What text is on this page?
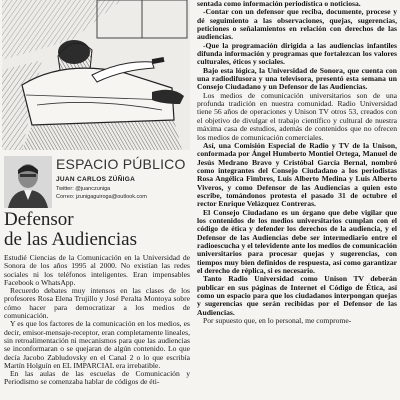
ESPACIO PÚBLICO
JUAN CARLOS ZÚÑIGA
Twitter: @juanczuniga
Correo: jzunigaguiroga@outlook.com
Defensor
de las Audiencias

Estudié Ciencias de la Comunicación en la Universidad de Sonora de los años 1995 al 2000. No existían las redes sociales ni los teléfonos inteligentes. Eran impensables Facebook o WhatsApp.

Recuerdo debates muy intensos en las clases de los profesores Rosa Elena Trujillo y José Peralta Montoya sobre cómo hacer para democratizar a los medios de comunicación.

Y es que los factores de la comunicación en los medios, es decir, emisor-mensaje-receptor, eran completamente lineales, sin retroalimentación ni mecanismos para que las audiencias se inconformaran o se quejaran de algún contenido. Lo que decía Jacobo Zabludovsky en el Canal 2 o lo que escribía Martín Holguín en EL IMPARCIAL era irrebatible.

En las aulas de las escuelas de Comunicación y Periodismo se comenzaba hablar de códigos de éti-

sentada como información periodística o noticiosa.

-Contar con un defensor que reciba, documente, procese y dé seguimiento a las observaciones, quejas, sugerencias, peticiones o señalamientos en relación con derechos de las audiencias.

-Que la programación dirigida a las audiencias infantiles difunda información y programas que fortalezcan los valores culturales, éticos y sociales.

Bajo esta lógica, la Universidad de Sonora, que cuenta con una radiodifusora y una televisora, presentó esta semana un Consejo Ciudadano y un Defensor de las Audiencias.

Los medios de comunicación universitarios son de una profunda tradición en nuestra comunidad. Radio Universidad tiene 56 años de operaciones y Unison TV otros 53, creados con el objetivo de divulgar el trabajo científico y cultural de nuestra máxima casa de estudios, además de contenidos que no ofrecen los medios de comunicación comerciales.

Así, una Comisión Especial de Radio y TV de la Unison, conformada por Ángel Humberto Montiel Ortega, Manuel de Jesús Medrano Bravo y Cristóbal García Bernal, nombró como integrantes del Consejo Ciudadano a los periodistas Rosa Angélica Fimbres, Luis Alberto Medina y Luis Alberto Viveros, y como Defensor de las Audiencias a quien esto escribe, tomándonos protesta el pasado 31 de octubre el rector Enrique Velázquez Contreras.

El Consejo Ciudadano es un órgano que debe vigilar que los contenidos de los medios universitarios cumplan con el código de ética y defender los derechos de la audiencia, y el Defensor de las Audiencias debe ser intermediario entre el radioescucha y el televidente ante los medios de comunicación universitarios para procesar quejas y sugerencias, con tiempos muy bien definidos de respuesta, así como garantizar el derecho de réplica, si es necesario.

Tanto Radio Universidad como Unison TV deberán publicar en sus páginas de Internet el Código de Ética, así como un espacio para que los ciudadanos interpongan quejas y sugerencias que serán recibidas por el Defensor de las Audiencias.

Por supuesto que, en lo personal, me comprome-
